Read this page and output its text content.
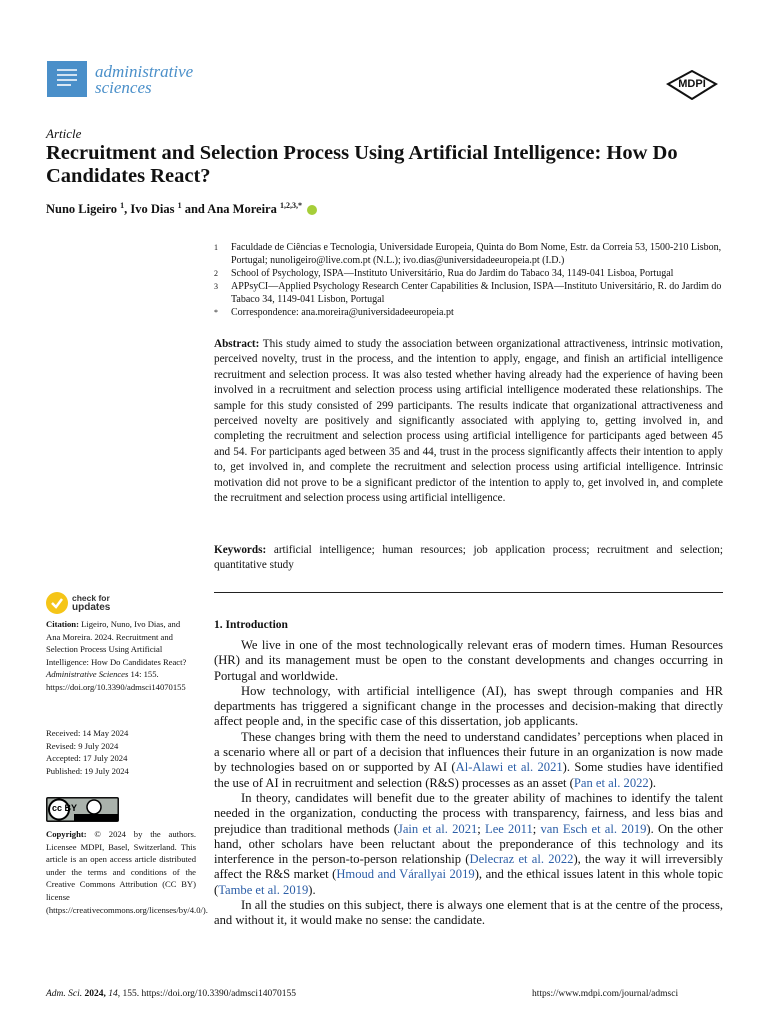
administrative
sciences	MDPI
Article
Recruitment and Selection Process Using Artificial Intelligence: How Do Candidates React?
Nuno Ligeiro $^1$, Ivo Dias $^1$ and Ana Moreira $^{1,2,3,*}$
1 Faculdade de Ciências e Tecnologia, Universidade Europeia, Quinta do Bom Nome, Estr. da Correia 53, 1500-210 Lisbon, Portugal; nunoligeiro@live.com.pt (N.L.); ivo.dias@universidadeeuropeia.pt (I.D.)
2 School of Psychology, ISPA—Instituto Universitário, Rua do Jardim do Tabaco 34, 1149-041 Lisboa, Portugal
3 APPsyCI—Applied Psychology Research Center Capabilities & Inclusion, ISPA—Instituto Universitário, R. do Jardim do Tabaco 34, 1149-041 Lisbon, Portugal
* Correspondence: ana.moreira@universidadeeuropeia.pt
Abstract: This study aimed to study the association between organizational attractiveness, intrinsic motivation, perceived novelty, trust in the process, and the intention to apply, engage, and finish an artificial intelligence recruitment and selection process. It was also tested whether having already had the experience of having been involved in a recruitment and selection process using artificial intelligence moderated these relationships. The sample for this study consisted of 299 participants. The results indicate that organizational attractiveness and perceived novelty are positively and significantly associated with applying to, getting involved in, and completing the recruitment and selection process using artificial intelligence for participants aged between 45 and 54. For participants aged between 35 and 44, trust in the process significantly affects their intention to apply to, get involved in, and complete the recruitment and selection process using artificial intelligence. Intrinsic motivation did not prove to be a significant predictor of the intention to apply to, get involved in, and complete the recruitment and selection process using artificial intelligence.
Keywords: artificial intelligence; human resources; job application process; recruitment and selection; quantitative study
check for
updates
Citation: Ligeiro, Nuno, Ivo Dias, and Ana Moreira. 2024. Recruitment and Selection Process Using Artificial Intelligence: How Do Candidates React? Administrative Sciences 14: 155. https://doi.org/10.3390/admsci14070155
Received: 14 May 2024
Revised: 9 July 2024
Accepted: 17 July 2024
Published: 19 July 2024
cc BY
Copyright: © 2024 by the authors. Licensee MDPI, Basel, Switzerland. This article is an open access article distributed under the terms and conditions of the Creative Commons Attribution (CC BY) license (https://creativecommons.org/licenses/by/4.0/).
1. Introduction

We live in one of the most technologically relevant eras of modern times. Human Resources (HR) and its management must be open to the constant developments and changes occurring in Portugal and worldwide.

How technology, with artificial intelligence (AI), has swept through companies and HR departments has triggered a significant change in the processes and decision-making that directly affect people and, in the specific case of this dissertation, job applicants.

These changes bring with them the need to understand candidates’ perceptions when placed in a scenario where all or part of a decision that influences their future in an organization is now made by technologies based on or supported by AI (Al-Alawi et al. 2021). Some studies have identified the use of AI in recruitment and selection (R&S) processes as an asset (Pan et al. 2022).

In theory, candidates will benefit due to the greater ability of machines to identify the talent needed in the organization, conducting the process with transparency, fairness, and less bias and prejudice than traditional methods (Jain et al. 2021; Lee 2011; van Esch et al. 2019). On the other hand, other scholars have been reluctant about the preponderance of this technology and its interference in the person-to-person relationship (Delecraz et al. 2022), the way it will irreversibly affect the R&S market (Hmoud and Várallyai 2019), and the ethical issues latent in this whole topic (Tambe et al. 2019).

In all the studies on this subject, there is always one element that is at the centre of the process, and without it, it would make no sense: the candidate.

Adm. Sci. 2024, 14, 155. https://doi.org/10.3390/admsci14070155	https://www.mdpi.com/journal/admsci
